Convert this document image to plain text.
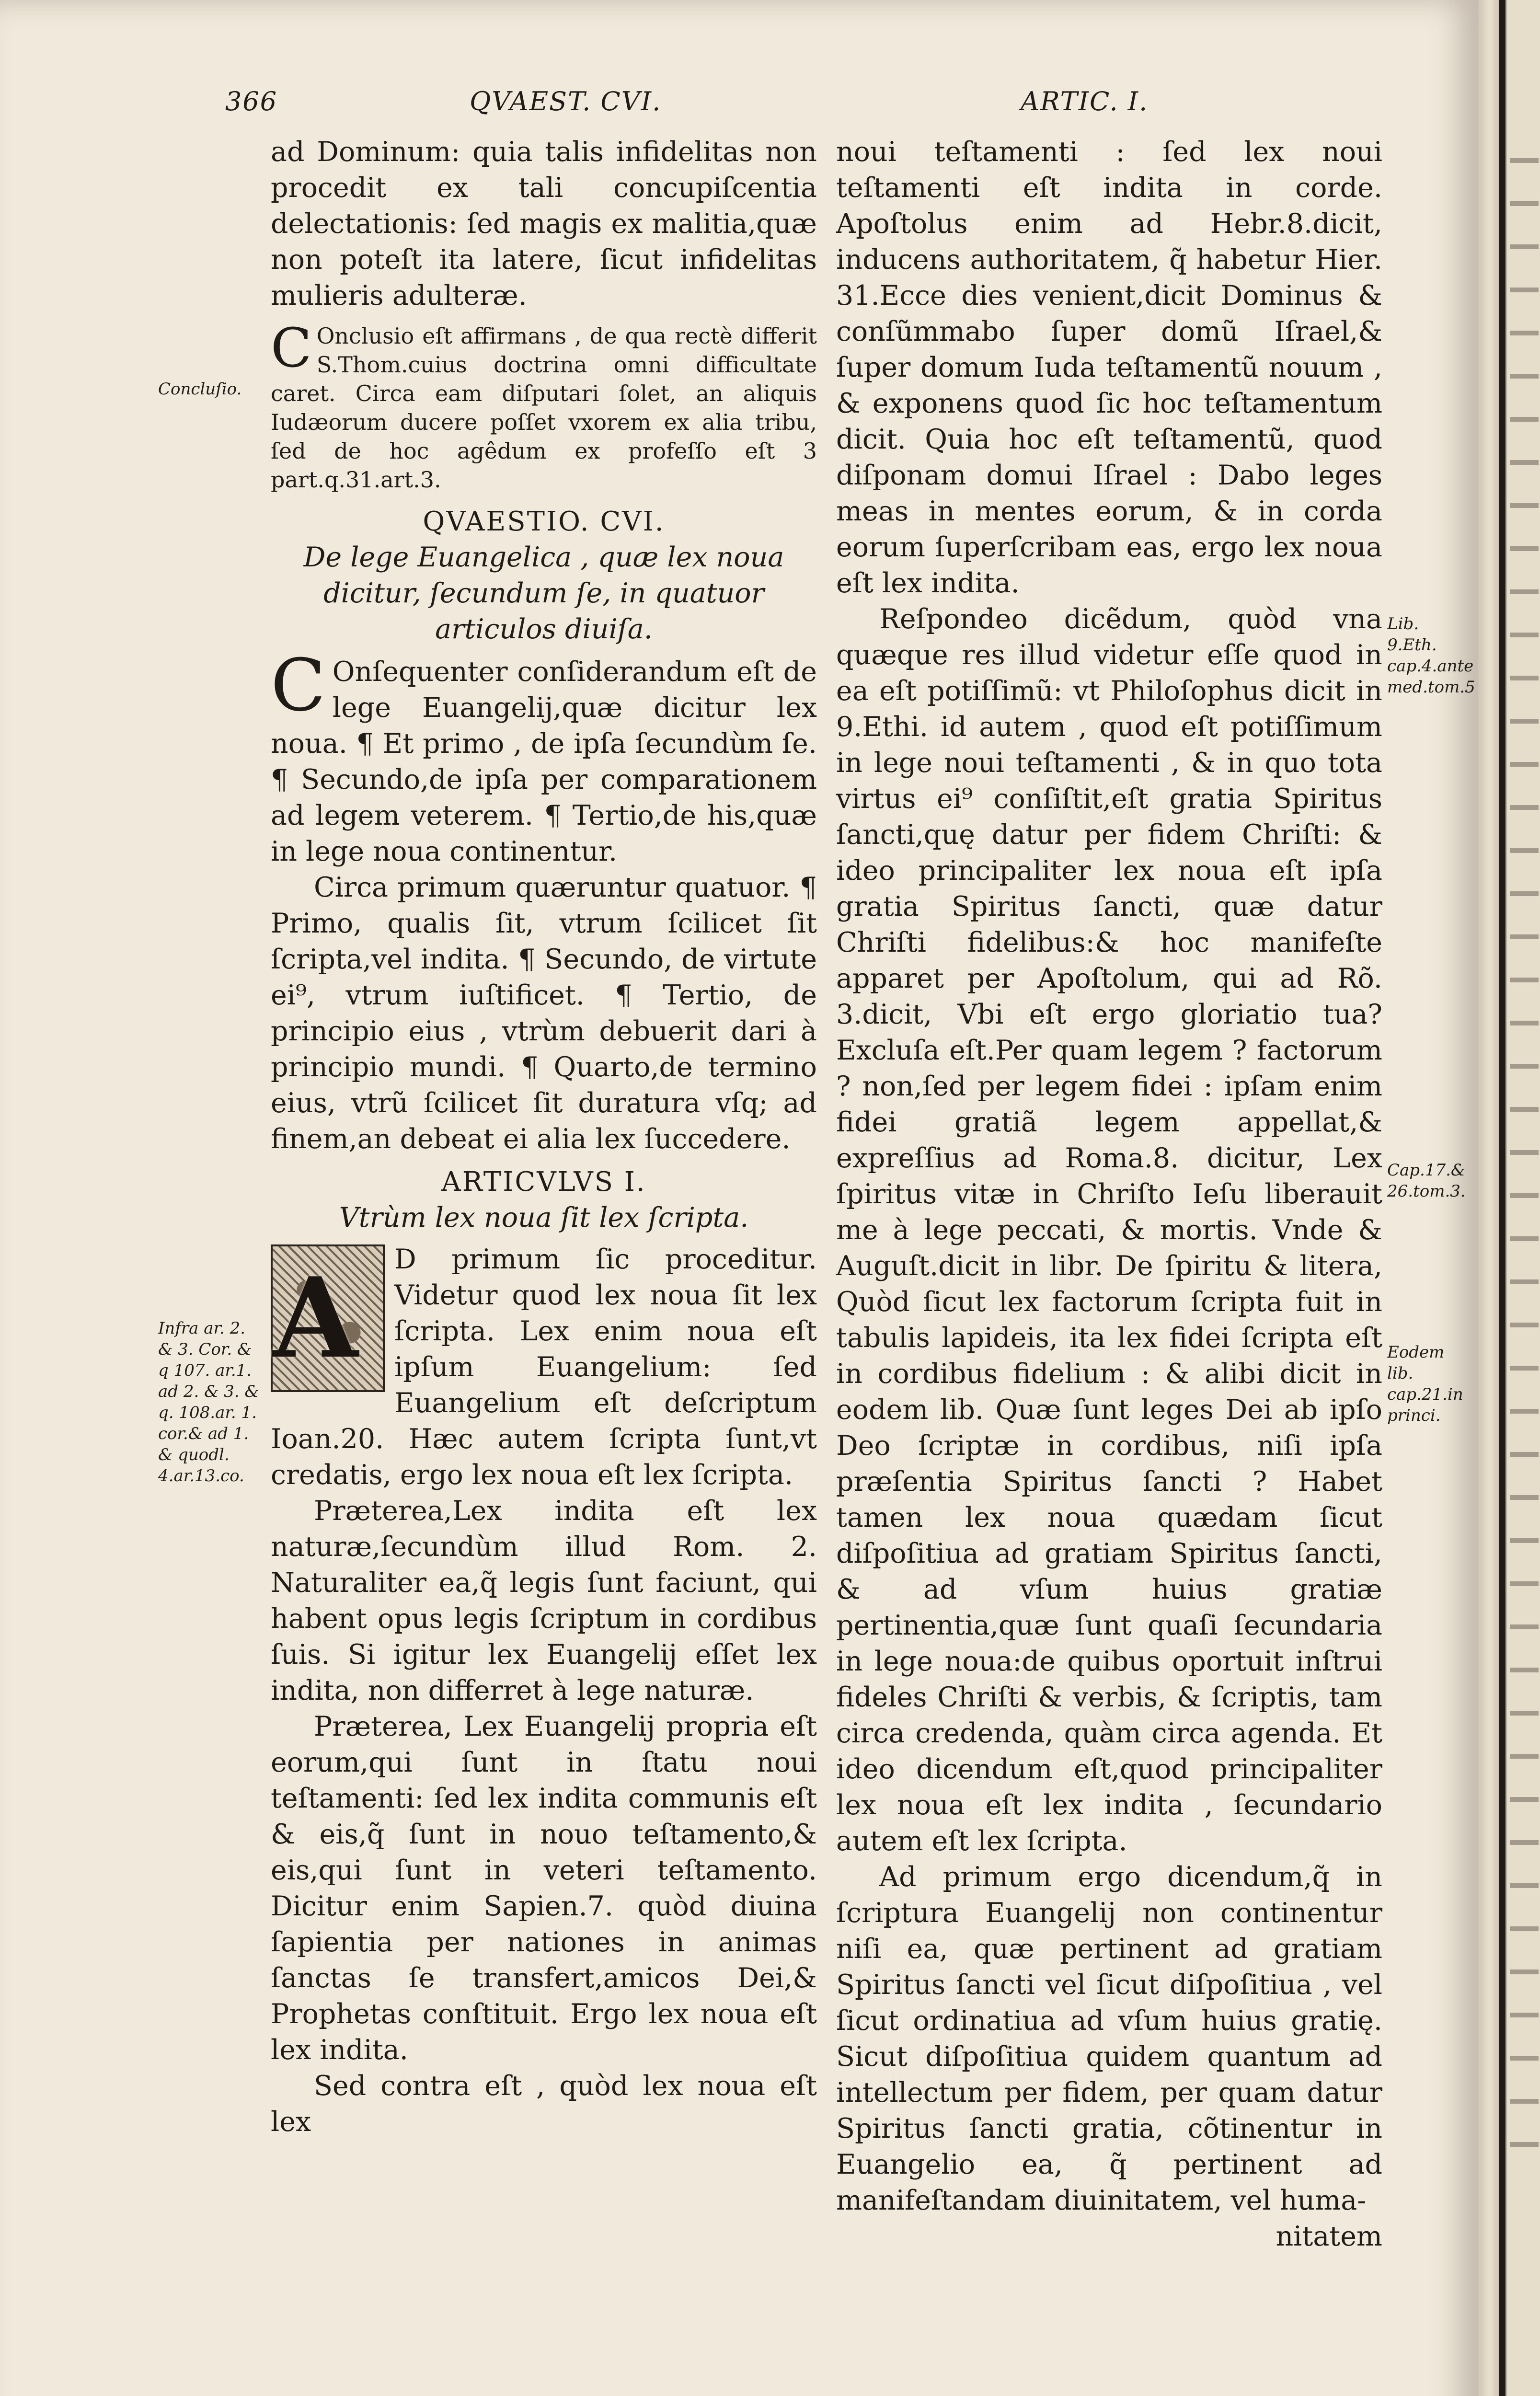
366	QVAEST. CVI.	ARTIC. I.

ad Dominum: quia talis infidelitas non procedit ex tali concupiſcentia delectationis: ſed magis ex malitia,quæ non poteſt ita latere, ſicut infidelitas mulieris adulteræ.

C Onclusio eſt affirmans , de qua rectè differit S.Thom.cuius doctrina omni difficultate caret. Circa eam diſputari ſolet, an aliquis Iudæorum ducere poſſet vxorem ex alia tribu, ſed de hoc agêdum ex profeſſo eſt 3 part.q.31.art.3.

QVAESTIO. CVI.

De lege Euangelica , quæ lex noua dicitur, ſecundum ſe, in quatuor articulos diuiſa.

C Onſequenter conſiderandum eſt de lege Euangelij,quæ dicitur lex noua. ¶ Et primo , de ipſa ſecundùm ſe. ¶ Secundo,de ipſa per comparationem ad legem veterem. ¶ Tertio,de his,quæ in lege noua continentur.

Circa primum quæruntur quatuor. ¶ Primo, qualis ſit, vtrum ſcilicet ſit ſcripta,vel indita. ¶ Secundo, de virtute ei⁹, vtrum iuſtificet. ¶ Tertio, de principio eius , vtrùm debuerit dari à principio mundi. ¶ Quarto,de termino eius, vtrũ ſcilicet ſit duratura vſq; ad finem,an debeat ei alia lex ſuccedere.

ARTICVLVS I.

Vtrùm lex noua ſit lex ſcripta.

A	D primum ſic proceditur. Videtur quod lex noua ſit lex ſcripta. Lex enim noua eſt ipſum Euangelium: ſed Euangelium eſt deſcriptum Ioan.20. Hæc autem ſcripta ſunt,vt credatis, ergo lex noua eſt lex ſcripta.

Præterea,Lex indita eſt lex naturæ,ſecundùm illud Rom. 2. Naturaliter ea,q̃ legis ſunt faciunt, qui habent opus legis ſcriptum in cordibus ſuis. Si igitur lex Euangelij eſſet lex indita, non differret à lege naturæ.

Præterea, Lex Euangelij propria eſt eorum,qui ſunt in ſtatu noui teſtamenti: ſed lex indita communis eſt & eis,q̃ ſunt in nouo teſtamento,& eis,qui ſunt in veteri teſtamento. Dicitur enim Sapien.7. quòd diuina ſapientia per nationes in animas ſanctas ſe transfert,amicos Dei,& Prophetas conſtituit. Ergo lex noua eſt lex indita.

Sed contra eſt , quòd lex noua eſt lex

noui teſtamenti : ſed lex noui teſtamenti eſt indita in corde. Apoſtolus enim ad Hebr.8.dicit, inducens authoritatem, q̃ habetur Hier. 31.Ecce dies venient,dicit Dominus & conſũmmabo ſuper domũ Iſrael,& ſuper domum Iuda teſtamentũ nouum , & exponens quod ſic hoc teſtamentum dicit. Quia hoc eſt teſtamentũ, quod diſponam domui Iſrael : Dabo leges meas in mentes eorum, & in corda eorum ſuperſcribam eas, ergo lex noua eſt lex indita.

Reſpondeo dicẽdum, quòd vna quæque res illud videtur eſſe quod in ea eſt potiſſimũ: vt Philoſophus dicit in 9.Ethi. id autem , quod eſt potiſſimum in lege noui teſtamenti , & in quo tota virtus ei⁹ conſiſtit,eſt gratia Spiritus ſancti,quę datur per fidem Chriſti: & ideo principaliter lex noua eſt ipſa gratia Spiritus ſancti, quæ datur Chriſti fidelibus:& hoc manifeſte apparet per Apoſtolum, qui ad Rõ. 3.dicit, Vbi eſt ergo gloriatio tua? Excluſa eſt.Per quam legem ? factorum ? non,ſed per legem fidei : ipſam enim fidei gratiã legem appellat,& expreſſius ad Roma.8. dicitur, Lex ſpiritus vitæ in Chriſto Ieſu liberauit me à lege peccati, & mortis. Vnde & Auguſt.dicit in libr. De ſpiritu & litera, Quòd ſicut lex factorum ſcripta fuit in tabulis lapideis, ita lex fidei ſcripta eſt in cordibus fidelium : & alibi dicit in eodem lib. Quæ ſunt leges Dei ab ipſo Deo ſcriptæ in cordibus, niſi ipſa præſentia Spiritus ſancti ? Habet tamen lex noua quædam ſicut diſpoſitiua ad gratiam Spiritus ſancti, & ad vſum huius gratiæ pertinentia,quæ ſunt quaſi ſecundaria in lege noua:de quibus oportuit inſtrui fideles Chriſti & verbis, & ſcriptis, tam circa credenda, quàm circa agenda. Et ideo dicendum eſt,quod principaliter lex noua eſt lex indita , ſecundario autem eſt lex ſcripta.

Ad primum ergo dicendum,q̃ in ſcriptura Euangelij non continentur niſi ea, quæ pertinent ad gratiam Spiritus ſancti vel ſicut diſpoſitiua , vel ſicut ordinatiua ad vſum huius gratię. Sicut diſpoſitiua quidem quantum ad intellectum per fidem, per quam datur Spiritus ſancti gratia, cõtinentur in Euangelio ea, q̃ pertinent ad manifeſtandam diuinitatem, vel huma-

nitatem

Concluſio.
Infra ar. 2. & 3. Cor. & q 107. ar.1. ad 2. & 3. & q. 108.ar. 1. cor.& ad 1. & quodl. 4.ar.13.co.
Lib. 9.Eth. cap.4.ante med.tom.5
Cap.17.& 26.tom.3.
Eodem lib. cap.21.in princi.
